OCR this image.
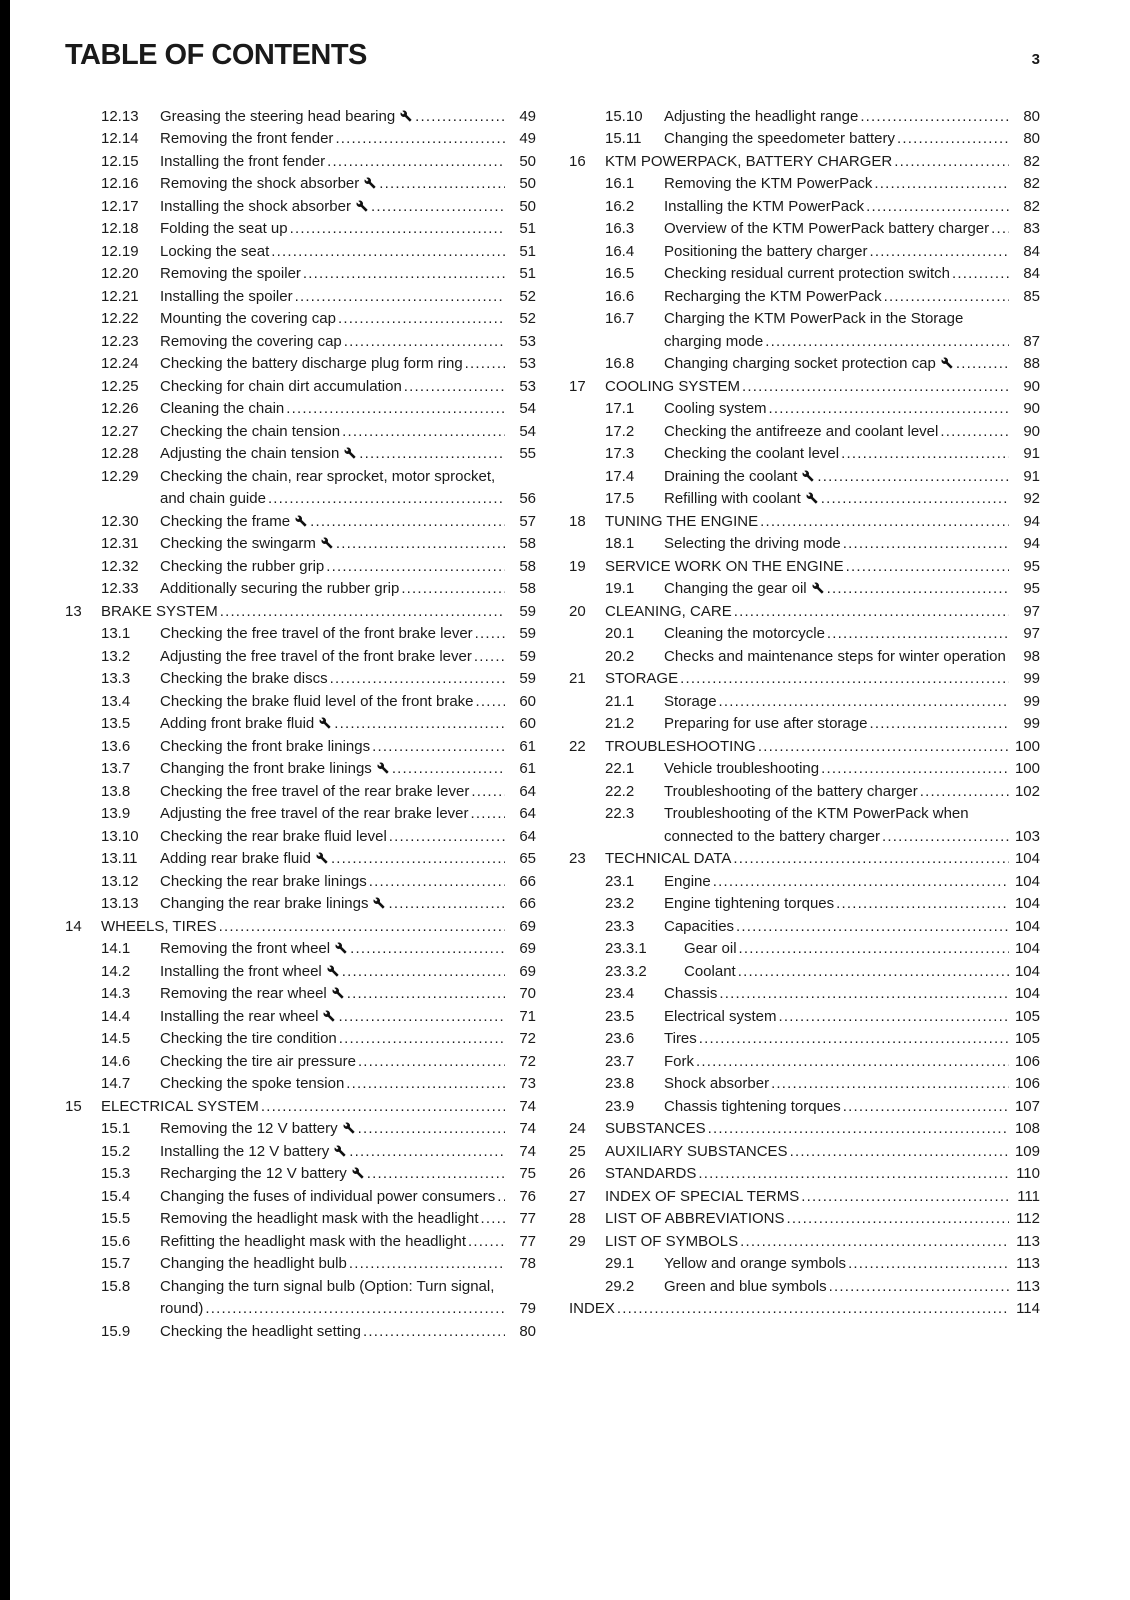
TABLE OF CONTENTS	3
12.13	Greasing the steering head bearing	49
12.14	Removing the front fender	49
12.15	Installing the front fender	50
12.16	Removing the shock absorber	50
12.17	Installing the shock absorber	50
12.18	Folding the seat up	51
12.19	Locking the seat	51
12.20	Removing the spoiler	51
12.21	Installing the spoiler	52
12.22	Mounting the covering cap	52
12.23	Removing the covering cap	53
12.24	Checking the battery discharge plug form ring	53
12.25	Checking for chain dirt accumulation	53
12.26	Cleaning the chain	54
12.27	Checking the chain tension	54
12.28	Adjusting the chain tension	55
12.29	Checking the chain, rear sprocket, motor sprocket, and chain guide	56
12.30	Checking the frame	57
12.31	Checking the swingarm	58
12.32	Checking the rubber grip	58
12.33	Additionally securing the rubber grip	58
13	BRAKE SYSTEM	59
13.1	Checking the free travel of the front brake lever	59
13.2	Adjusting the free travel of the front brake lever	59
13.3	Checking the brake discs	59
13.4	Checking the brake fluid level of the front brake	60
13.5	Adding front brake fluid	60
13.6	Checking the front brake linings	61
13.7	Changing the front brake linings	61
13.8	Checking the free travel of the rear brake lever	64
13.9	Adjusting the free travel of the rear brake lever	64
13.10	Checking the rear brake fluid level	64
13.11	Adding rear brake fluid	65
13.12	Checking the rear brake linings	66
13.13	Changing the rear brake linings	66
14	WHEELS, TIRES	69
14.1	Removing the front wheel	69
14.2	Installing the front wheel	69
14.3	Removing the rear wheel	70
14.4	Installing the rear wheel	71
14.5	Checking the tire condition	72
14.6	Checking the tire air pressure	72
14.7	Checking the spoke tension	73
15	ELECTRICAL SYSTEM	74
15.1	Removing the 12 V battery	74
15.2	Installing the 12 V battery	74
15.3	Recharging the 12 V battery	75
15.4	Changing the fuses of individual power consumers	76
15.5	Removing the headlight mask with the headlight	77
15.6	Refitting the headlight mask with the headlight	77
15.7	Changing the headlight bulb	78
15.8	Changing the turn signal bulb (Option: Turn signal, round)	79
15.9	Checking the headlight setting	80
15.10	Adjusting the headlight range	80
15.11	Changing the speedometer battery	80
16	KTM POWERPACK, BATTERY CHARGER	82
16.1	Removing the KTM PowerPack	82
16.2	Installing the KTM PowerPack	82
16.3	Overview of the KTM PowerPack battery charger	83
16.4	Positioning the battery charger	84
16.5	Checking residual current protection switch	84
16.6	Recharging the KTM PowerPack	85
16.7	Charging the KTM PowerPack in the Storage charging mode	87
16.8	Changing charging socket protection cap	88
17	COOLING SYSTEM	90
17.1	Cooling system	90
17.2	Checking the antifreeze and coolant level	90
17.3	Checking the coolant level	91
17.4	Draining the coolant	91
17.5	Refilling with coolant	92
18	TUNING THE ENGINE	94
18.1	Selecting the driving mode	94
19	SERVICE WORK ON THE ENGINE	95
19.1	Changing the gear oil	95
20	CLEANING, CARE	97
20.1	Cleaning the motorcycle	97
20.2	Checks and maintenance steps for winter operation	98
21	STORAGE	99
21.1	Storage	99
21.2	Preparing for use after storage	99
22	TROUBLESHOOTING	100
22.1	Vehicle troubleshooting	100
22.2	Troubleshooting of the battery charger	102
22.3	Troubleshooting of the KTM PowerPack when connected to the battery charger	103
23	TECHNICAL DATA	104
23.1	Engine	104
23.2	Engine tightening torques	104
23.3	Capacities	104
23.3.1	Gear oil	104
23.3.2	Coolant	104
23.4	Chassis	104
23.5	Electrical system	105
23.6	Tires	105
23.7	Fork	106
23.8	Shock absorber	106
23.9	Chassis tightening torques	107
24	SUBSTANCES	108
25	AUXILIARY SUBSTANCES	109
26	STANDARDS	110
27	INDEX OF SPECIAL TERMS	111
28	LIST OF ABBREVIATIONS	112
29	LIST OF SYMBOLS	113
29.1	Yellow and orange symbols	113
29.2	Green and blue symbols	113
INDEX	114
